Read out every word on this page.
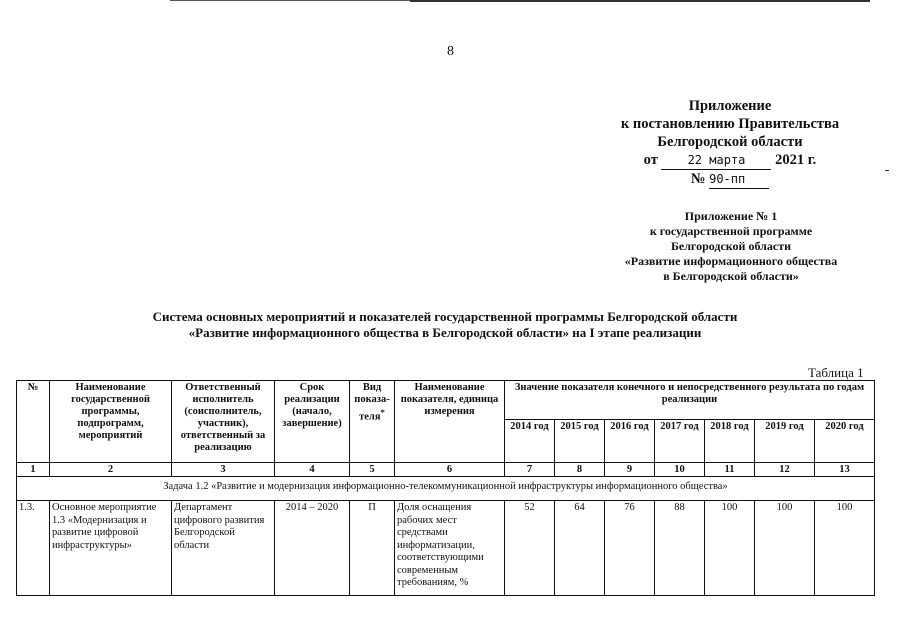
8
Приложение
к постановлению Правительства
Белгородской области
от 22 марта 2021 г.
№ 90-пп
Приложение № 1
к государственной программе
Белгородской области
«Развитие информационного общества
в Белгородской области»
Система основных мероприятий и показателей государственной программы Белгородской области
«Развитие информационного общества в Белгородской области» на I этапе реализации
Таблица 1
№	Наименование государственной программы, подпрограмм, мероприятий	Ответственный исполнитель (соисполнитель, участник), ответственный за реализацию	Срок реализации (начало, завершение)	Вид показа-теля*	Наименование показателя, единица измерения	Значение показателя конечного и непосредственного результата по годам реализации						
						2014 год	2015 год	2016 год	2017 год	2018 год	2019 год	2020 год
1	2	3	4	5	6	7	8	9	10	11	12	13
Задача 1.2 «Развитие и модернизация информационно-телекоммуникационной инфраструктуры информационного общества»												
1.3.	Основное мероприятие 1.3 «Модернизация и развитие цифровой инфраструктуры»	Департамент цифрового развития Белгородской области	2014 – 2020	П	Доля оснащения рабочих мест средствами информатизации, соответствующими современным требованиям, %	52	64	76	88	100	100	100
